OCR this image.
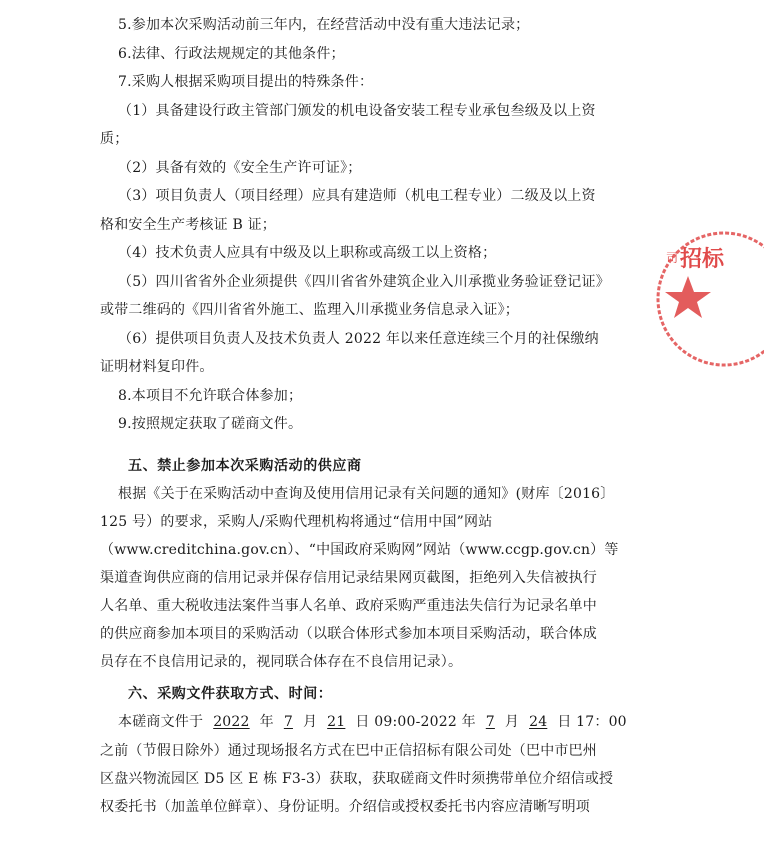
5.参加本次采购活动前三年内，在经营活动中没有重大违法记录；
6.法律、行政法规规定的其他条件；
7.采购人根据采购项目提出的特殊条件：
（1）具备建设行政主管部门颁发的机电设备安装工程专业承包叁级及以上资
质；
（2）具备有效的《安全生产许可证》；
（3）项目负责人（项目经理）应具有建造师（机电工程专业）二级及以上资
格和安全生产考核证 B 证；
（4）技术负责人应具有中级及以上职称或高级工以上资格；
（5）四川省省外企业须提供《四川省省外建筑企业入川承揽业务验证登记证》
或带二维码的《四川省省外施工、监理入川承揽业务信息录入证》；
（6）提供项目负责人及技术负责人 2022 年以来任意连续三个月的社保缴纳
证明材料复印件。
8.本项目不允许联合体参加；
9.按照规定获取了磋商文件。
五、禁止参加本次采购活动的供应商
根据《关于在采购活动中查询及使用信用记录有关问题的通知》(财库〔2016〕
125 号）的要求，采购人/采购代理机构将通过“信用中国”网站
（www.creditchina.gov.cn）、“中国政府采购网”网站（www.ccgp.gov.cn）等
渠道查询供应商的信用记录并保存信用记录结果网页截图，拒绝列入失信被执行
人名单、重大税收违法案件当事人名单、政府采购严重违法失信行为记录名单中
的供应商参加本项目的采购活动（以联合体形式参加本项目采购活动，联合体成
员存在不良信用记录的，视同联合体存在不良信用记录）。
六、采购文件获取方式、时间：
本磋商文件于 2022 年 7 月 21 日 09:00-2022 年 7 月 24 日 17：00
之前（节假日除外）通过现场报名方式在巴中正信招标有限公司处（巴中市巴州
区盘兴物流园区 D5 区 E 栋 F3-3）获取，获取磋商文件时须携带单位介绍信或授
权委托书（加盖单位鲜章）、身份证明。介绍信或授权委托书内容应清晰写明项
招标
司
